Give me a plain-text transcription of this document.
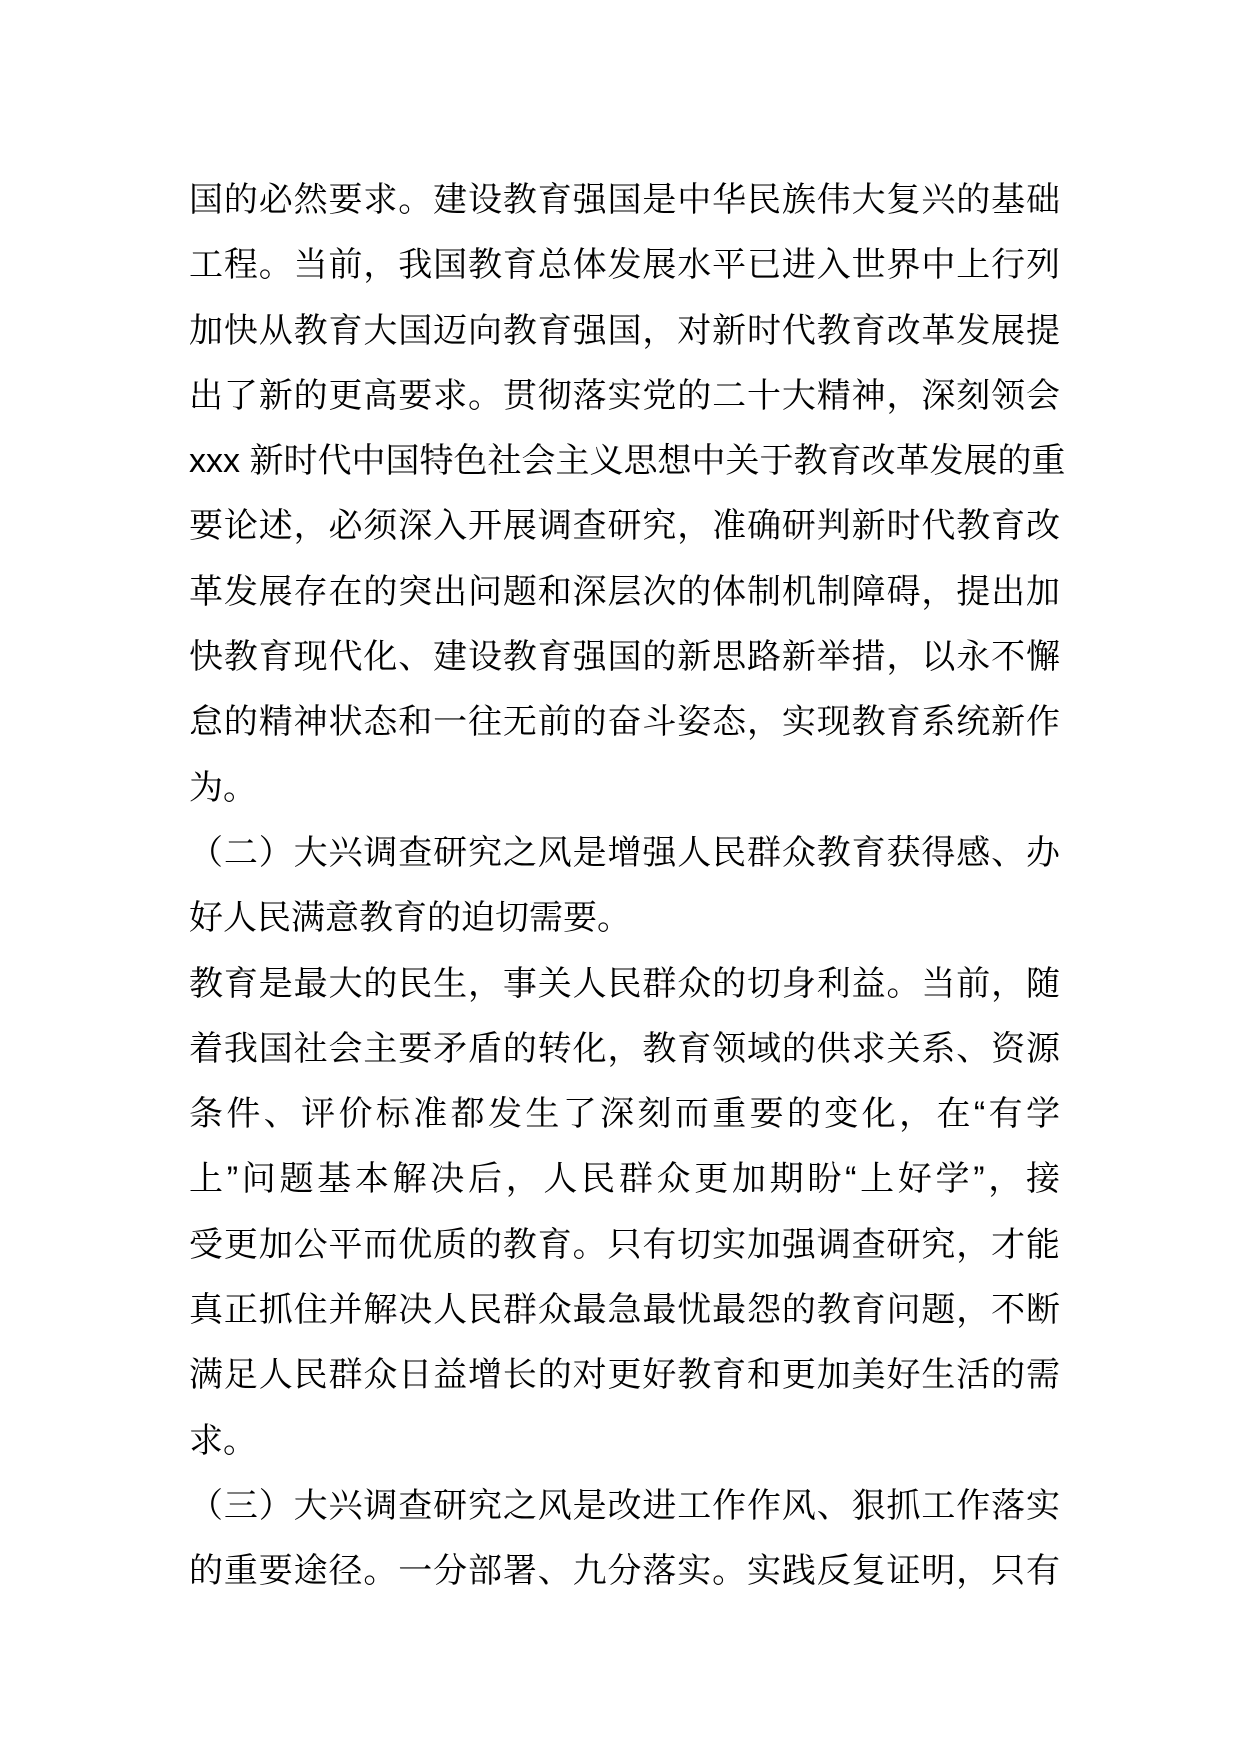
国的必然要求。建设教育强国是中华民族伟大复兴的基础
工程。当前，我国教育总体发展水平已进入世界中上行列
加快从教育大国迈向教育强国，对新时代教育改革发展提
出了新的更高要求。贯彻落实党的二十大精神，深刻领会
xxx 新时代中国特色社会主义思想中关于教育改革发展的重
要论述，必须深入开展调查研究，准确研判新时代教育改
革发展存在的突出问题和深层次的体制机制障碍，提出加
快教育现代化、建设教育强国的新思路新举措，以永不懈
怠的精神状态和一往无前的奋斗姿态，实现教育系统新作
为。
（二）大兴调查研究之风是增强人民群众教育获得感、办
好人民满意教育的迫切需要。
教育是最大的民生，事关人民群众的切身利益。当前，随
着我国社会主要矛盾的转化，教育领域的供求关系、资源
条件、评价标准都发生了深刻而重要的变化，在“有学
上”问题基本解决后，人民群众更加期盼“上好学”，接
受更加公平而优质的教育。只有切实加强调查研究，才能
真正抓住并解决人民群众最急最忧最怨的教育问题，不断
满足人民群众日益增长的对更好教育和更加美好生活的需
求。
（三）大兴调查研究之风是改进工作作风、狠抓工作落实
的重要途径。一分部署、九分落实。实践反复证明，只有
